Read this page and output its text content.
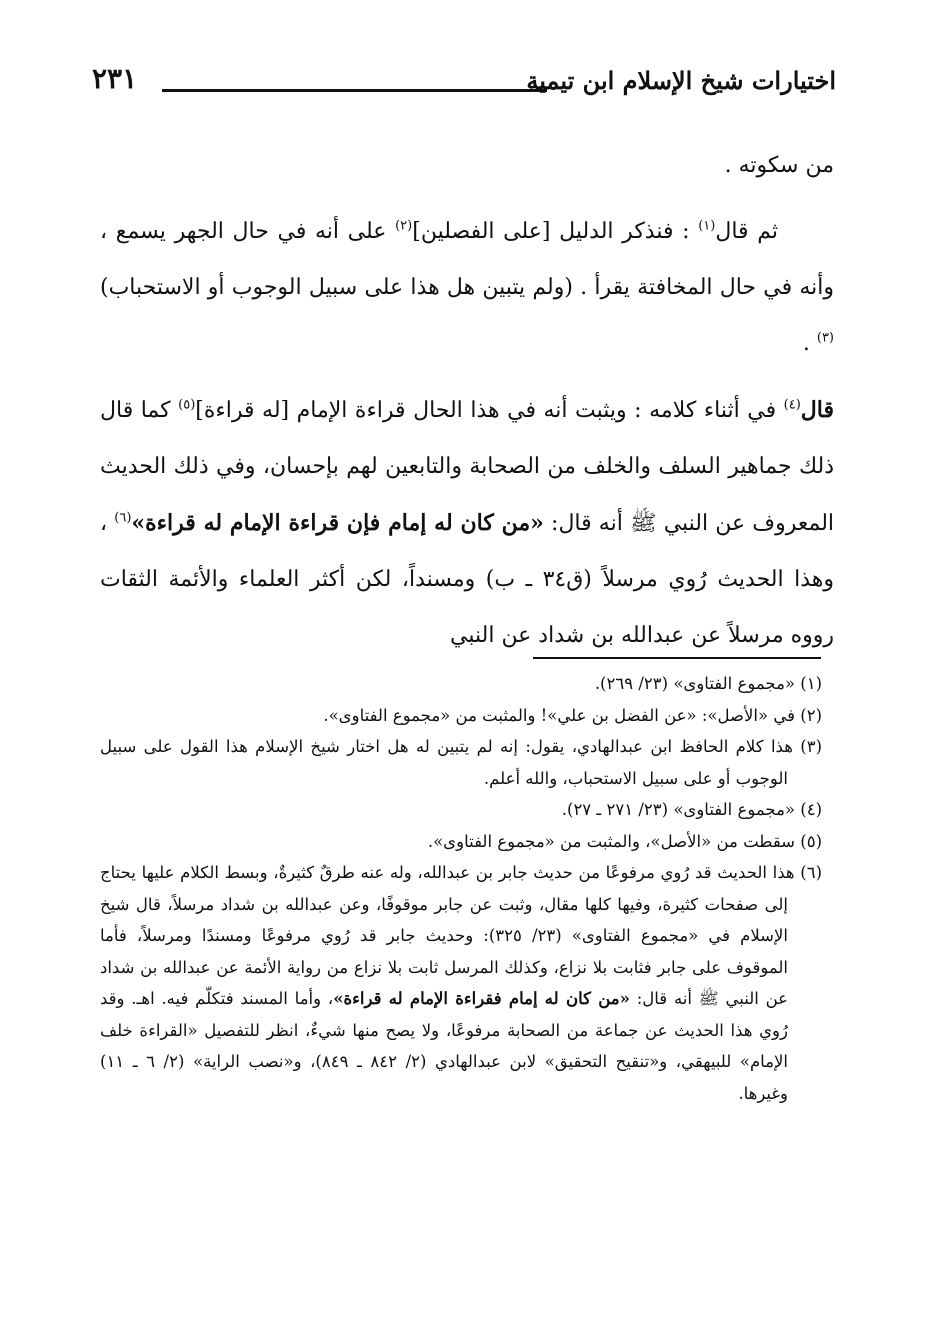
اختيارات شيخ الإسلام ابن تيمية
٢٣١

من سكوته .

ثم قال$^{(١)}$ : فنذكر الدليل [على الفصلين]$^{(٢)}$ على أنه في حال الجهر يسمع ، وأنه في حال المخافتة يقرأ . (ولم يتبين هل هذا على سبيل الوجوب أو الاستحباب)$^{(٣)}$ .

قال$^{(٤)}$ في أثناء كلامه : ويثبت أنه في هذا الحال قراءة الإمام [له قراءة]$^{(٥)}$ كما قال ذلك جماهير السلف والخلف من الصحابة والتابعين لهم بإحسان، وفي ذلك الحديث المعروف عن النبي ﷺ أنه قال: «من كان له إمام فإن قراءة الإمام له قراءة»$^{(٦)}$ ، وهذا الحديث رُوي مرسلاً (ق٣٤ ـ ب) ومسنداً، لكن أكثر العلماء والأئمة الثقات رووه مرسلاً عن عبدالله بن شداد عن النبي

(١) «مجموع الفتاوى» (٢٣/ ٢٦٩).

(٢) في «الأصل»: «عن الفضل بن علي»! والمثبت من «مجموع الفتاوى».

(٣) هذا كلام الحافظ ابن عبدالهادي، يقول: إنه لم يتبين له هل اختار شيخ الإسلام هذا القول على سبيل الوجوب أو على سبيل الاستحباب، والله أعلم.

(٤) «مجموع الفتاوى» (٢٣/ ٢٧١ ـ ٢٧).

(٥) سقطت من «الأصل»، والمثبت من «مجموع الفتاوى».

(٦) هذا الحديث قد رُوي مرفوعًا من حديث جابر بن عبدالله، وله عنه طرقٌ كثيرةٌ، وبسط الكلام عليها يحتاج إلى صفحات كثيرة، وفيها كلها مقال، وثبت عن جابر موقوفًا، وعن عبدالله بن شداد مرسلاً، قال شيخ الإسلام في «مجموع الفتاوى» (٢٣/ ٣٢٥): وحديث جابر قد رُوي مرفوعًا ومسندًا ومرسلاً، فأما الموقوف على جابر فثابت بلا نزاع، وكذلك المرسل ثابت بلا نزاع من رواية الأئمة عن عبدالله بن شداد عن النبي ﷺ أنه قال: «من كان له إمام فقراءة الإمام له قراءة»، وأما المسند فتكلّم فيه. اهـ. وقد رُوي هذا الحديث عن جماعة من الصحابة مرفوعًا، ولا يصح منها شيءٌ، انظر للتفصيل «القراءة خلف الإمام» للبيهقي، و«تنقيح التحقيق» لابن عبدالهادي (٢/ ٨٤٢ ـ ٨٤٩)، و«نصب الراية» (٢/ ٦ ـ ١١) وغيرها.
